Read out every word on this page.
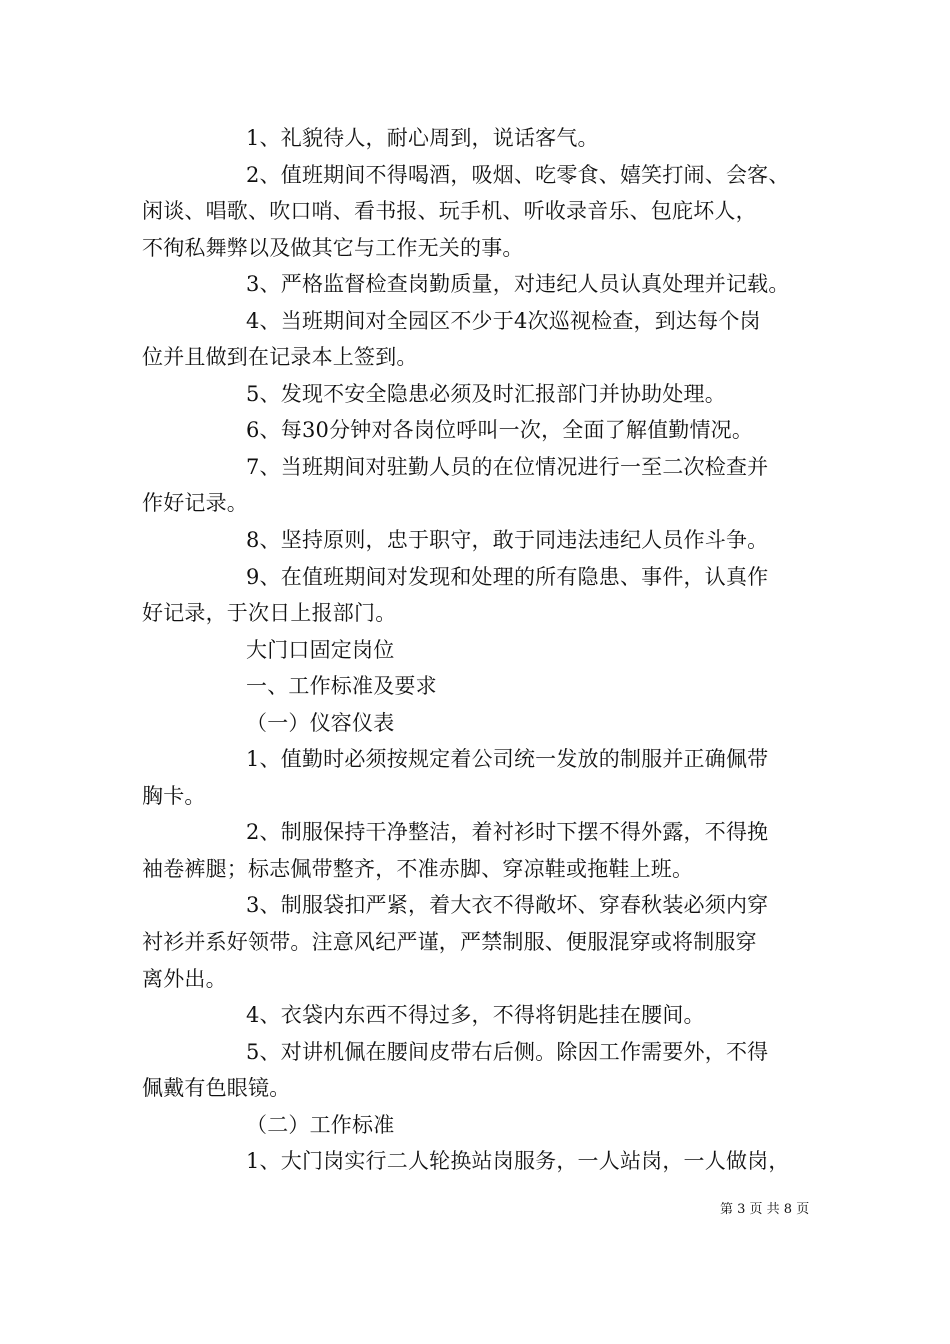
1、礼貌待人，耐心周到，说话客气。
2、值班期间不得喝酒，吸烟、吃零食、嬉笑打闹、会客、
闲谈、唱歌、吹口哨、看书报、玩手机、听收录音乐、包庇坏人，
不徇私舞弊以及做其它与工作无关的事。
3、严格监督检查岗勤质量，对违纪人员认真处理并记载。
4、当班期间对全园区不少于4次巡视检查，到达每个岗
位并且做到在记录本上签到。
5、发现不安全隐患必须及时汇报部门并协助处理。
6、每30分钟对各岗位呼叫一次，全面了解值勤情况。
7、当班期间对驻勤人员的在位情况进行一至二次检查并
作好记录。
8、坚持原则，忠于职守，敢于同违法违纪人员作斗争。
9、在值班期间对发现和处理的所有隐患、事件，认真作
好记录，于次日上报部门。
大门口固定岗位
一、工作标准及要求
（一）仪容仪表
1、值勤时必须按规定着公司统一发放的制服并正确佩带
胸卡。
2、制服保持干净整洁，着衬衫时下摆不得外露，不得挽
袖卷裤腿；标志佩带整齐，不准赤脚、穿凉鞋或拖鞋上班。
3、制服袋扣严紧，着大衣不得敞坏、穿春秋装必须内穿
衬衫并系好领带。注意风纪严谨，严禁制服、便服混穿或将制服穿
离外出。
4、衣袋内东西不得过多，不得将钥匙挂在腰间。
5、对讲机佩在腰间皮带右后侧。除因工作需要外，不得
佩戴有色眼镜。
（二）工作标准
1、大门岗实行二人轮换站岗服务，一人站岗，一人做岗，
第 3 页 共 8 页
